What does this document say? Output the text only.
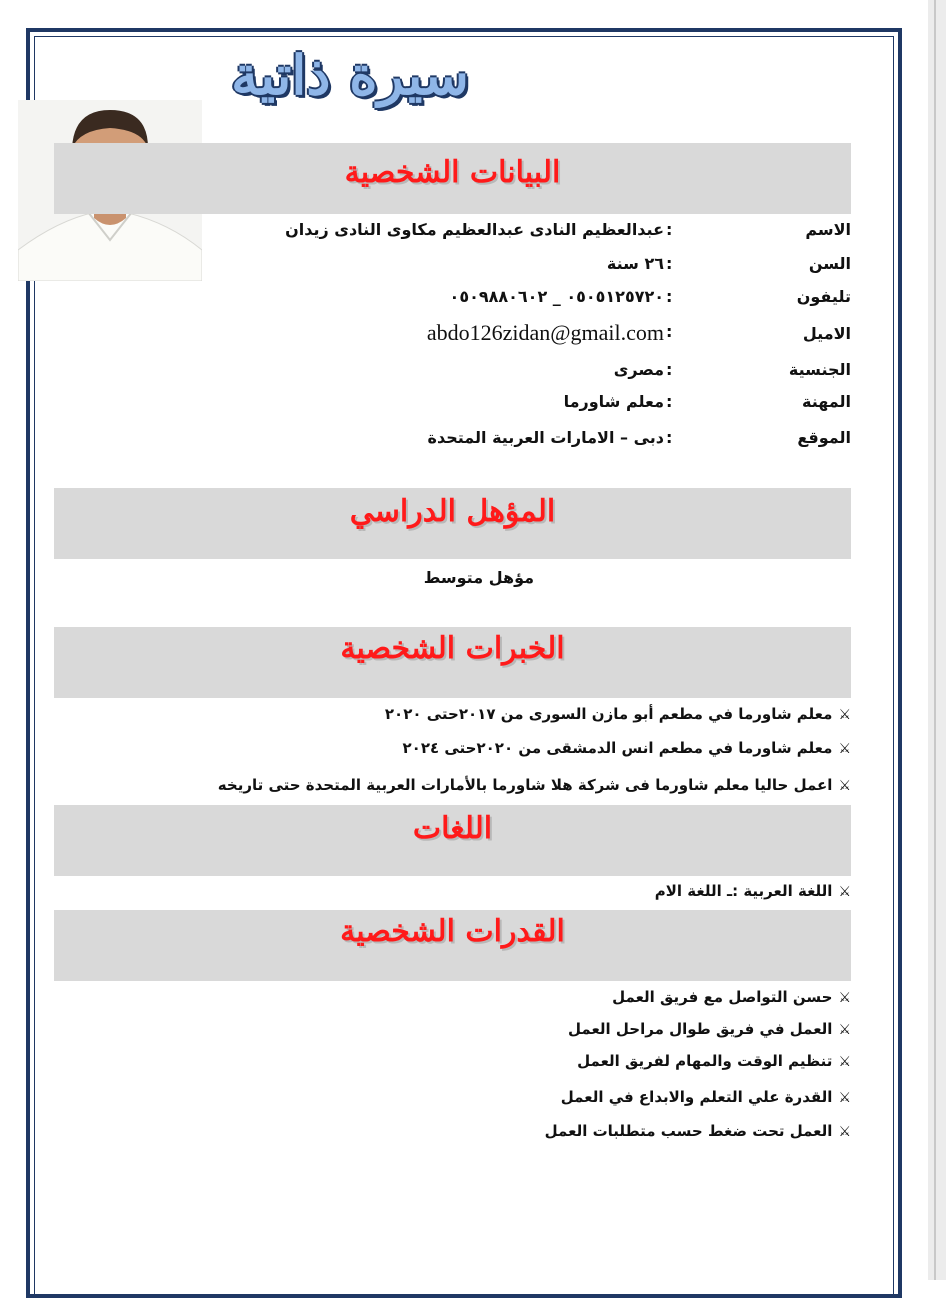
سيرة ذاتية
البيانات الشخصية
الاسم
:
عبدالعظيم النادى عبدالعظيم مكاوى النادى زيدان
السن
:
٢٦ سنة
تليفون
:
٠٥٠٥١٢٥٧٢٠ _ ٠٥٠٩٨٨٠٦٠٢
الاميل
:
abdo126zidan@gmail.com
الجنسية
:
مصرى
المهنة
:
معلم شاورما
الموقع
:
دبى – الامارات العربية المتحدة
المؤهل الدراسي
مؤهل متوسط
الخبرات الشخصية
⚔معلم شاورما في مطعم أبو مازن السورى من ٢٠١٧حتى ٢٠٢٠
⚔معلم شاورما في مطعم انس الدمشقى من ٢٠٢٠حتى ٢٠٢٤
⚔اعمل حاليا معلم شاورما فى شركة هلا شاورما بالأمارات العربية المتحدة حتى تاريخه
اللغات
⚔اللغة العربية :ـ اللغة الام
القدرات الشخصية
⚔حسن التواصل مع فريق العمل
⚔العمل في فريق طوال مراحل العمل
⚔تنظيم الوقت والمهام لفريق العمل
⚔القدرة علي التعلم والابداع في العمل
⚔العمل تحت ضغط حسب متطلبات العمل
